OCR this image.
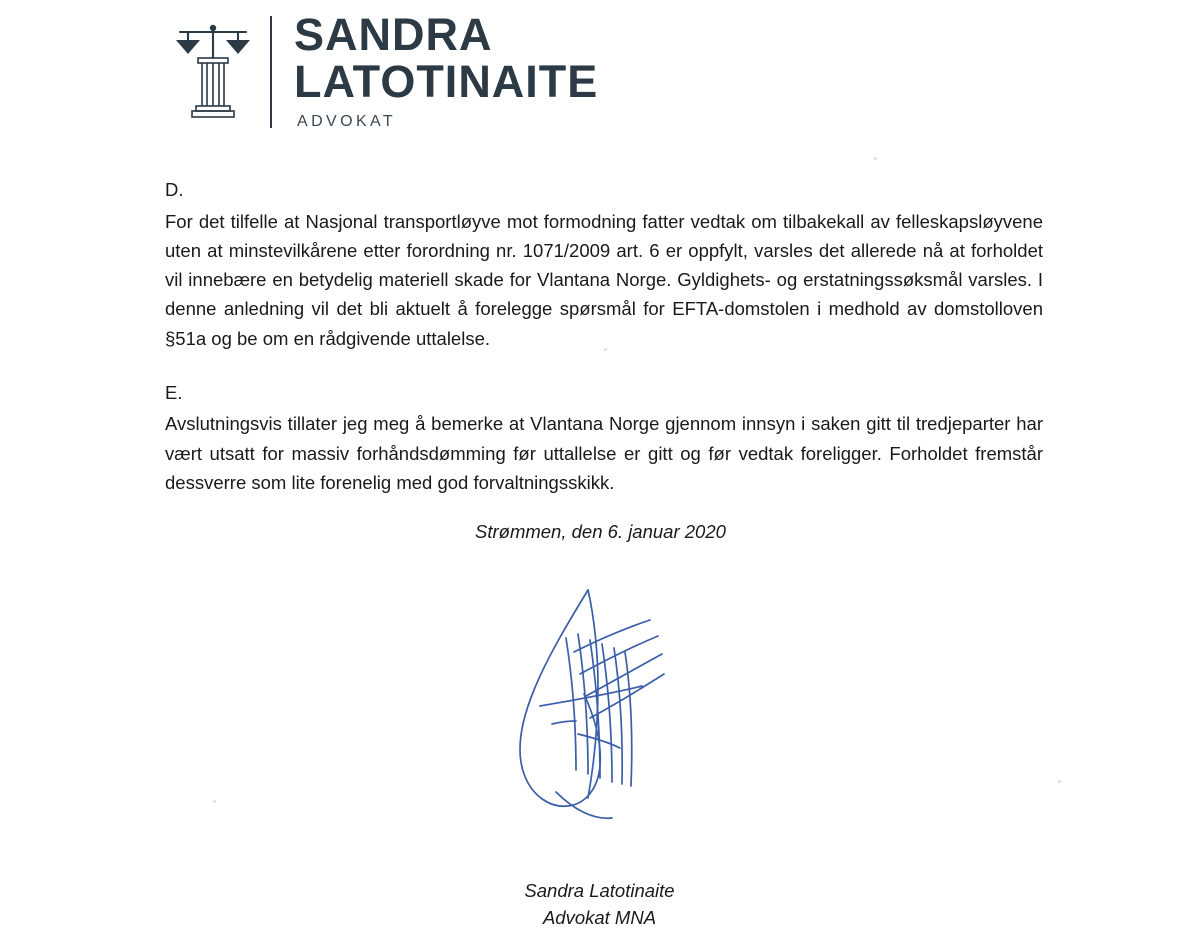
SANDRA
LATOTINAITE
ADVOKAT

D.

For det tilfelle at Nasjonal transportløyve mot formodning fatter vedtak om tilbakekall av felleskapsløyvene uten at minstevilkårene etter forordning nr. 1071/2009 art. 6 er oppfylt, varsles det allerede nå at forholdet vil innebære en betydelig materiell skade for Vlantana Norge. Gyldighets- og erstatningssøksmål varsles. I denne anledning vil det bli aktuelt å forelegge spørsmål for EFTA-domstolen i medhold av domstolloven §51a og be om en rådgivende uttalelse.

E.

Avslutningsvis tillater jeg meg å bemerke at Vlantana Norge gjennom innsyn i saken gitt til tredjeparter har vært utsatt for massiv forhåndsdømming før uttallelse er gitt og før vedtak foreligger. Forholdet fremstår dessverre som lite forenelig med god forvaltningsskikk.

Strømmen, den 6. januar 2020

Sandra Latotinaite
Advokat MNA
